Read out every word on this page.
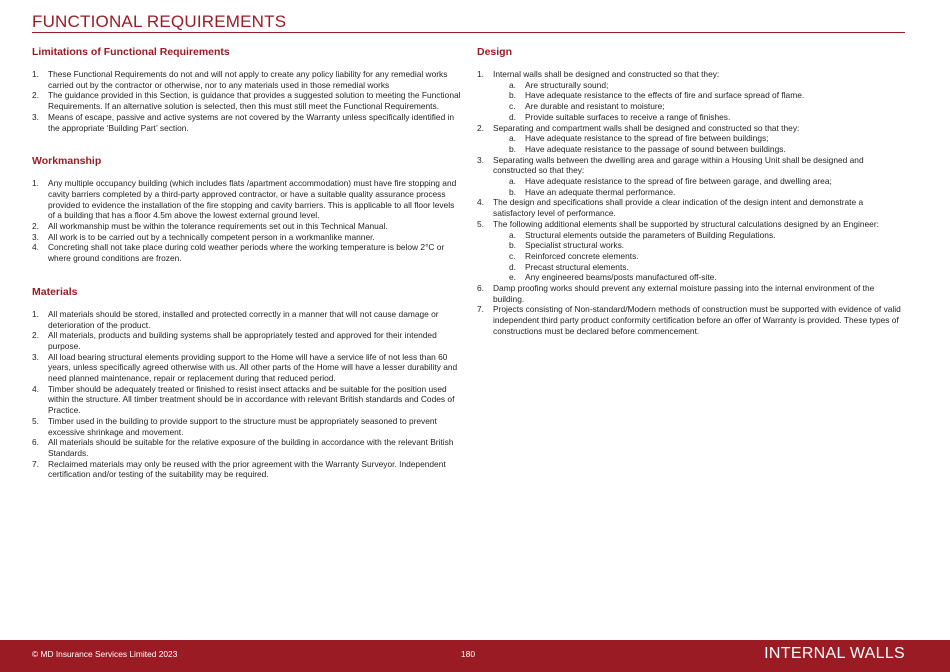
FUNCTIONAL REQUIREMENTS
Limitations of Functional Requirements
1. These Functional Requirements do not and will not apply to create any policy liability for any remedial works carried out by the contractor or otherwise, nor to any materials used in those remedial works
2. The guidance provided in this Section, is guidance that provides a suggested solution to meeting the Functional Requirements. If an alternative solution is selected, then this must still meet the Functional Requirements.
3. Means of escape, passive and active systems are not covered by the Warranty unless specifically identified in the appropriate ‘Building Part’ section.
Workmanship
1. Any multiple occupancy building (which includes flats /apartment accommodation) must have fire stopping and cavity barriers completed by a third-party approved contractor, or have a suitable quality assurance process provided to evidence the installation of the fire stopping and cavity barriers. This is applicable to all floor levels of a building that has a floor 4.5m above the lowest external ground level.
2. All workmanship must be within the tolerance requirements set out in this Technical Manual.
3. All work is to be carried out by a technically competent person in a workmanlike manner.
4. Concreting shall not take place during cold weather periods where the working temperature is below 2°C or where ground conditions are frozen.
Materials
1. All materials should be stored, installed and protected correctly in a manner that will not cause damage or deterioration of the product.
2. All materials, products and building systems shall be appropriately tested and approved for their intended purpose.
3. All load bearing structural elements providing support to the Home will have a service life of not less than 60 years, unless specifically agreed otherwise with us. All other parts of the Home will have a lesser durability and need planned maintenance, repair or replacement during that reduced period.
4. Timber should be adequately treated or finished to resist insect attacks and be suitable for the position used within the structure. All timber treatment should be in accordance with relevant British standards and Codes of Practice.
5. Timber used in the building to provide support to the structure must be appropriately seasoned to prevent excessive shrinkage and movement.
6. All materials should be suitable for the relative exposure of the building in accordance with the relevant British Standards.
7. Reclaimed materials may only be reused with the prior agreement with the Warranty Surveyor. Independent certification and/or testing of the suitability may be required.
Design
1. Internal walls shall be designed and constructed so that they:
a. Are structurally sound;
b. Have adequate resistance to the effects of fire and surface spread of flame.
c. Are durable and resistant to moisture;
d. Provide suitable surfaces to receive a range of finishes.
2. Separating and compartment walls shall be designed and constructed so that they:
a. Have adequate resistance to the spread of fire between buildings;
b. Have adequate resistance to the passage of sound between buildings.
3. Separating walls between the dwelling area and garage within a Housing Unit shall be designed and constructed so that they:
a. Have adequate resistance to the spread of fire between garage, and dwelling area;
b. Have an adequate thermal performance.
4. The design and specifications shall provide a clear indication of the design intent and demonstrate a satisfactory level of performance.
5. The following additional elements shall be supported by structural calculations designed by an Engineer:
a. Structural elements outside the parameters of Building Regulations.
b. Specialist structural works.
c. Reinforced concrete elements.
d. Precast structural elements.
e. Any engineered beams/posts manufactured off-site.
6. Damp proofing works should prevent any external moisture passing into the internal environment of the building.
7. Projects consisting of Non-standard/Modern methods of construction must be supported with evidence of valid independent third party product conformity certification before an offer of Warranty is provided. These types of constructions must be declared before commencement.
© MD Insurance Services Limited 2023	180	INTERNAL WALLS
